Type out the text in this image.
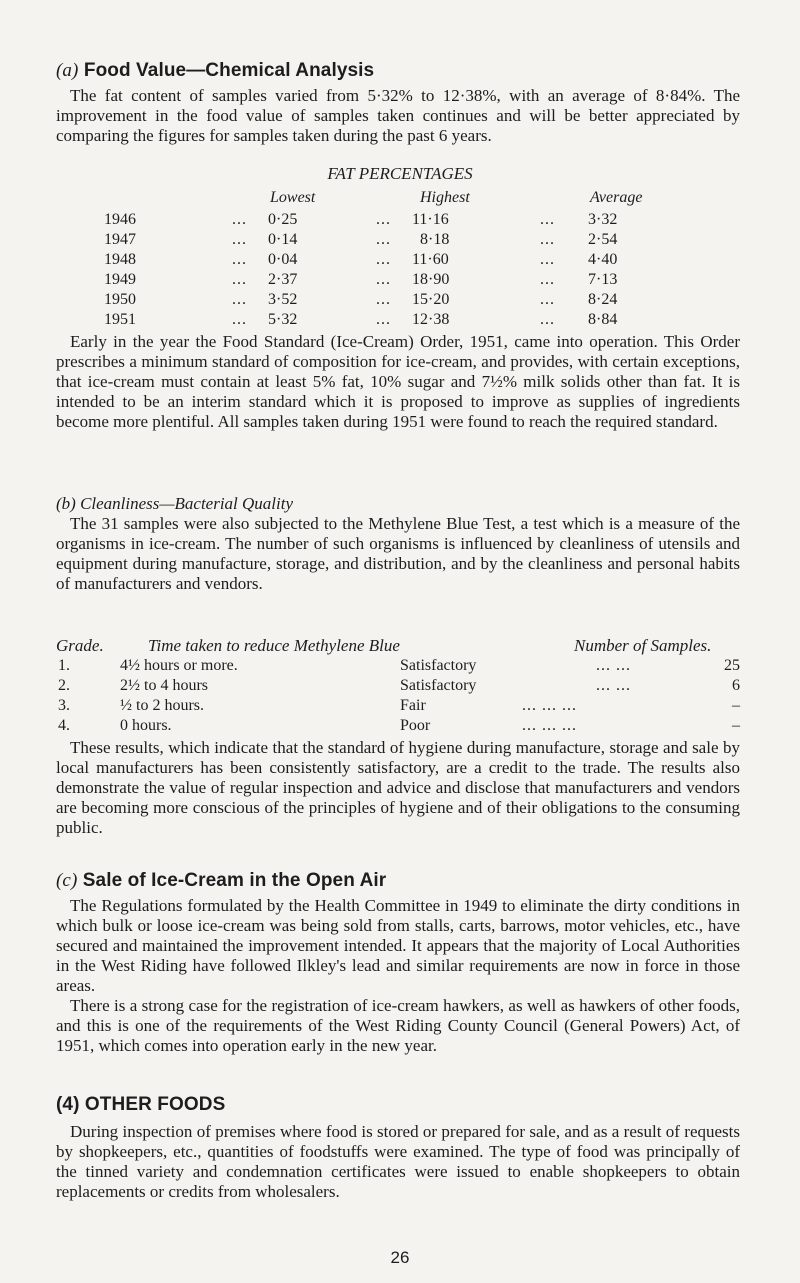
(a) Food Value—Chemical Analysis

The fat content of samples varied from 5·32% to 12·38%, with an average of 8·84%. The improvement in the food value of samples taken continues and will be better appreciated by comparing the figures for samples taken during the past 6 years.

FAT PERCENTAGES
Lowest	Highest	Average
1946	... 0·25	... 11·16	... 3·32
1947	... 0·14	... 8·18	... 2·54
1948	... 0·04	... 11·60	... 4·40
1949	... 2·37	... 18·90	... 7·13
1950	... 3·52	... 15·20	... 8·24
1951	... 5·32	... 12·38	... 8·84

Early in the year the Food Standard (Ice-Cream) Order, 1951, came into operation. This Order prescribes a minimum standard of composition for ice-cream, and provides, with certain exceptions, that ice-cream must contain at least 5% fat, 10% sugar and 7½% milk solids other than fat. It is intended to be an interim standard which it is proposed to improve as supplies of ingredients become more plentiful. All samples taken during 1951 were found to reach the required standard.

(b) Cleanliness—Bacterial Quality

The 31 samples were also subjected to the Methylene Blue Test, a test which is a measure of the organisms in ice-cream. The number of such organisms is influenced by cleanliness of utensils and equipment during manufacture, storage, and distribution, and by the cleanliness and personal habits of manufacturers and vendors.

Grade.	Time taken to reduce Methylene Blue	Number of Samples.
1.	4½ hours or more.	Satisfactory	... ...	25
2.	2½ to 4 hours	Satisfactory	... ...	6
3.	½ to 2 hours.	Fair	... ... ...	–
4.	0 hours.	Poor	... ... ...	–

These results, which indicate that the standard of hygiene during manufacture, storage and sale by local manufacturers has been consistently satisfactory, are a credit to the trade. The results also demonstrate the value of regular inspection and advice and disclose that manufacturers and vendors are becoming more conscious of the principles of hygiene and of their obligations to the consuming public.

(c) Sale of Ice-Cream in the Open Air

The Regulations formulated by the Health Committee in 1949 to eliminate the dirty conditions in which bulk or loose ice-cream was being sold from stalls, carts, barrows, motor vehicles, etc., have secured and maintained the improvement intended. It appears that the majority of Local Authorities in the West Riding have followed Ilkley's lead and similar requirements are now in force in those areas.

There is a strong case for the registration of ice-cream hawkers, as well as hawkers of other foods, and this is one of the requirements of the West Riding County Council (General Powers) Act, of 1951, which comes into operation early in the new year.

(4) OTHER FOODS

During inspection of premises where food is stored or prepared for sale, and as a result of requests by shopkeepers, etc., quantities of foodstuffs were examined. The type of food was principally of the tinned variety and condemnation certificates were issued to enable shopkeepers to obtain replacements or credits from wholesalers.

26
